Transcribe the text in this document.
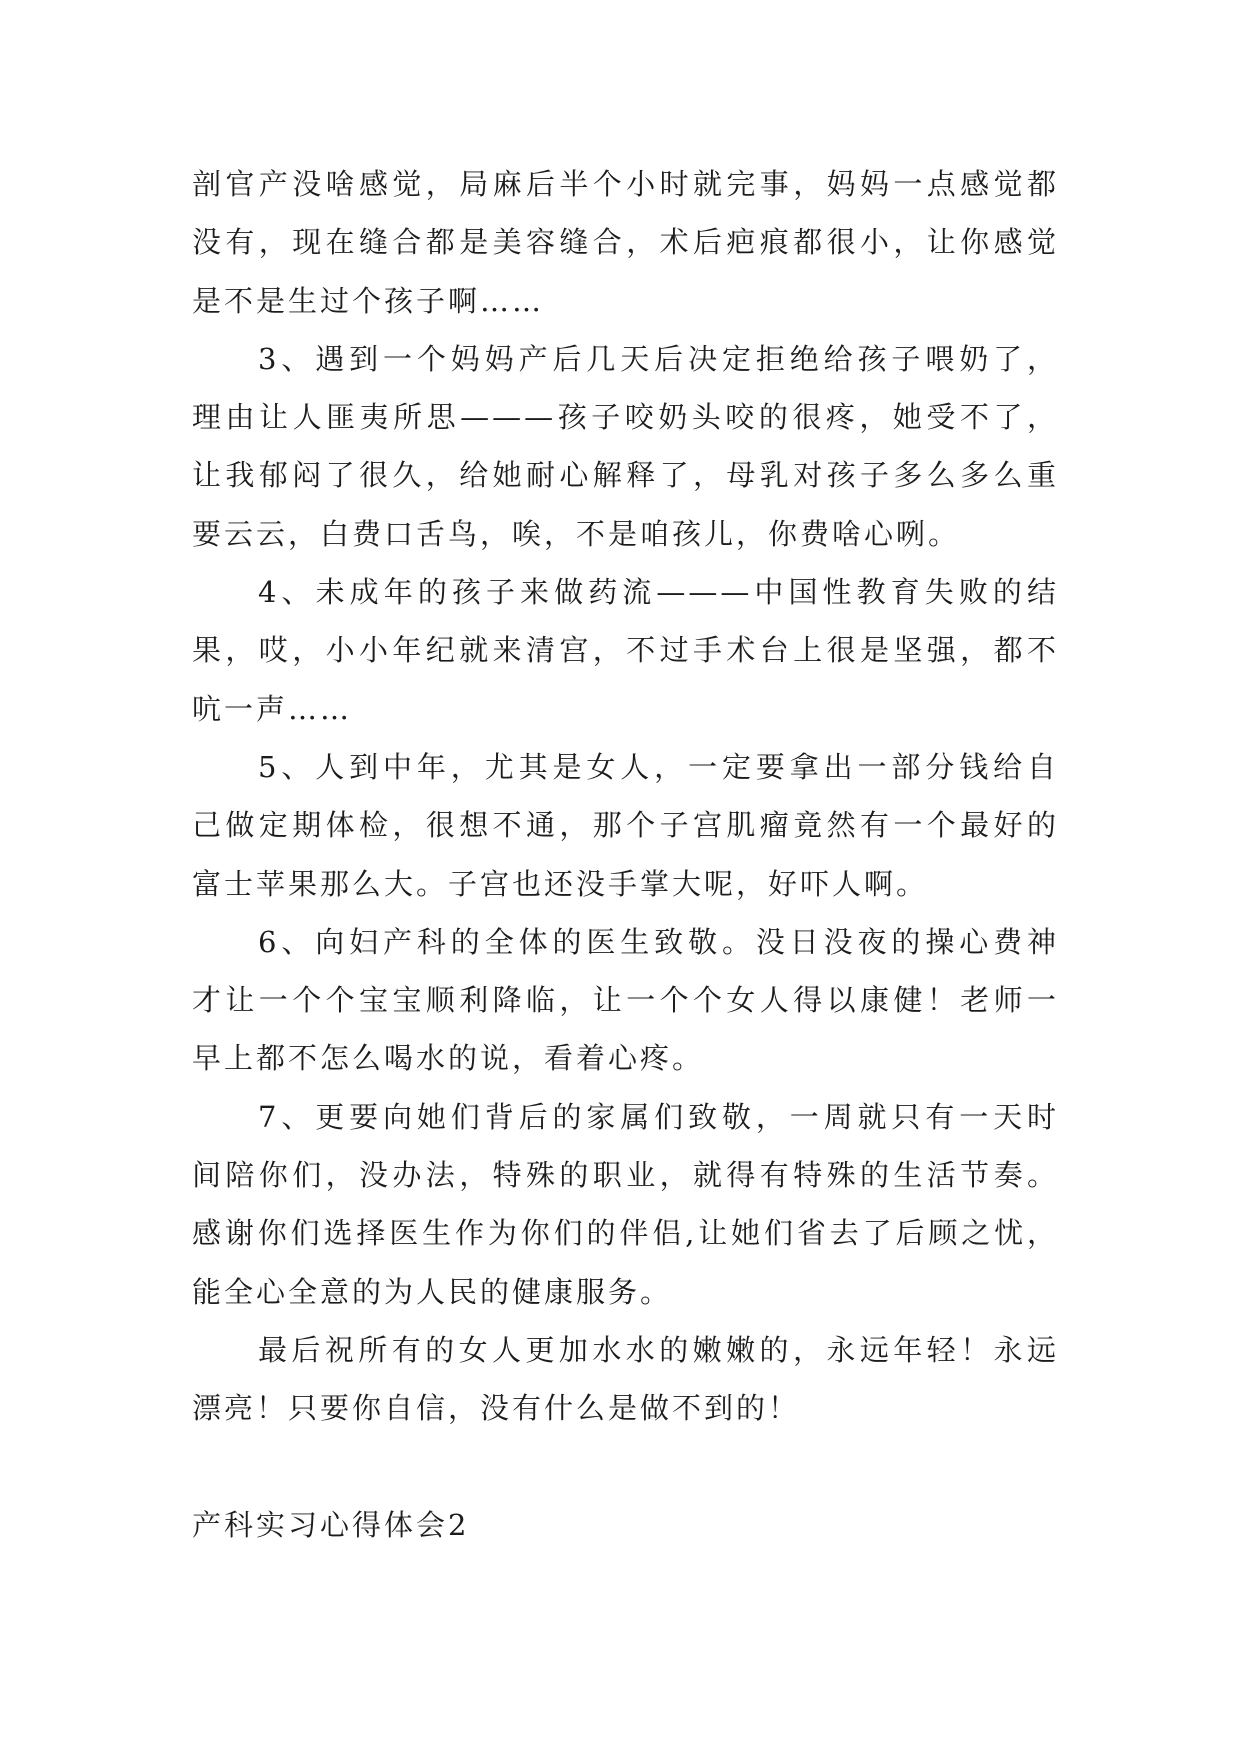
剖官产没啥感觉，局麻后半个小时就完事，妈妈一点感觉都
没有，现在缝合都是美容缝合，术后疤痕都很小，让你感觉
是不是生过个孩子啊……
3、遇到一个妈妈产后几天后决定拒绝给孩子喂奶了，
理由让人匪夷所思———孩子咬奶头咬的很疼，她受不了，
让我郁闷了很久，给她耐心解释了，母乳对孩子多么多么重
要云云，白费口舌鸟，唉，不是咱孩儿，你费啥心咧。
4、未成年的孩子来做药流———中国性教育失败的结
果，哎，小小年纪就来清宫，不过手术台上很是坚强，都不
吭一声……
5、人到中年，尤其是女人，一定要拿出一部分钱给自
己做定期体检，很想不通，那个子宫肌瘤竟然有一个最好的
富士苹果那么大。子宫也还没手掌大呢，好吓人啊。
6、向妇产科的全体的医生致敬。没日没夜的操心费神
才让一个个宝宝顺利降临，让一个个女人得以康健！老师一
早上都不怎么喝水的说，看着心疼。
7、更要向她们背后的家属们致敬，一周就只有一天时
间陪你们，没办法，特殊的职业，就得有特殊的生活节奏。
感谢你们选择医生作为你们的伴侣,让她们省去了后顾之忧，
能全心全意的为人民的健康服务。
最后祝所有的女人更加水水的嫩嫩的，永远年轻！永远
漂亮！只要你自信，没有什么是做不到的！
产科实习心得体会2
